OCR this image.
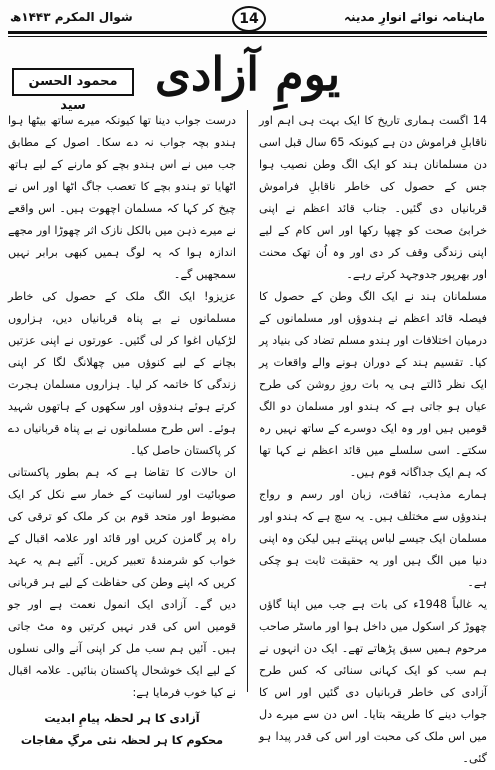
ماہنامہ نوائے انوارِ مدینہ
شوال المکرم ۱۴۴۳ھ	14
یومِ آزادی
محمود الحسن سید

14 اگست ہماری تاریخ کا ایک بہت ہی اہم اور ناقابلِ فراموش دن ہے کیونکہ 65 سال قبل اسی دن مسلمانان ہند کو ایک الگ وطن نصیب ہوا جس کے حصول کی خاطر ناقابلِ فراموش قربانیاں دی گئیں۔ جناب قائد اعظم نے اپنی خرابیٔ صحت کو چھپا رکھا اور اس کام کے لیے اپنی زندگی وقف کر دی اور وہ اُن تھک محنت اور بھرپور جدوجہد کرتے رہے۔

مسلمانان ہند نے ایک الگ وطن کے حصول کا فیصلہ قائد اعظم نے ہندوؤں اور مسلمانوں کے درمیان اختلافات اور ہندو مسلم تضاد کی بنیاد پر کیا۔ تقسیم ہند کے دوران ہونے والے واقعات پر ایک نظر ڈالتے ہی یہ بات روزِ روشن کی طرح عیاں ہو جاتی ہے کہ ہندو اور مسلمان دو الگ قومیں ہیں اور وہ ایک دوسرے کے ساتھ نہیں رہ سکتے۔ اسی سلسلے میں قائد اعظم نے کہا تھا کہ ہم ایک جداگانہ قوم ہیں۔

ہمارے مذہب، ثقافت، زبان اور رسم و رواج ہندوؤں سے مختلف ہیں۔ یہ سچ ہے کہ ہندو اور مسلمان ایک جیسے لباس پہنتے ہیں لیکن وہ اپنی دنیا میں الگ ہیں اور یہ حقیقت ثابت ہو چکی ہے۔

یہ غالباً 1948ء کی بات ہے جب میں اپنا گاؤں چھوڑ کر اسکول میں داخل ہوا اور ماسٹر صاحب مرحوم ہمیں سبق پڑھاتے تھے۔ ایک دن انہوں نے ہم سب کو ایک کہانی سنائی کہ کس طرح آزادی کی خاطر قربانیاں دی گئیں اور اس کا جواب دینے کا طریقہ بتایا۔ اس دن سے میرے دل میں اس ملک کی محبت اور اس کی قدر پیدا ہو گئی۔

درست جواب دینا تھا کیونکہ میرے ساتھ بیٹھا ہوا ہندو بچہ جواب نہ دے سکا۔ اصول کے مطابق جب میں نے اس ہندو بچے کو مارنے کے لیے ہاتھ اٹھایا تو ہندو بچے کا تعصب جاگ اٹھا اور اس نے چیخ کر کہا کہ مسلمان اچھوت ہیں۔ اس واقعے نے میرے ذہن میں بالکل نازک اثر چھوڑا اور مجھے اندازہ ہوا کہ یہ لوگ ہمیں کبھی برابر نہیں سمجھیں گے۔

عزیزو! ایک الگ ملک کے حصول کی خاطر مسلمانوں نے بے پناہ قربانیاں دیں، ہزاروں لڑکیاں اغوا کر لی گئیں۔ عورتوں نے اپنی عزتیں بچانے کے لیے کنوؤں میں چھلانگ لگا کر اپنی زندگی کا خاتمہ کر لیا۔ ہزاروں مسلمان ہجرت کرتے ہوئے ہندوؤں اور سکھوں کے ہاتھوں شہید ہوئے۔ اس طرح مسلمانوں نے بے پناہ قربانیاں دے کر پاکستان حاصل کیا۔

ان حالات کا تقاضا ہے کہ ہم بطور پاکستانی صوبائیت اور لسانیت کے خمار سے نکل کر ایک مضبوط اور متحد قوم بن کر ملک کو ترقی کی راہ پر گامزن کریں اور قائد اور علامہ اقبال کے خواب کو شرمندۂ تعبیر کریں۔ آئیے ہم یہ عہد کریں کہ اپنے وطن کی حفاظت کے لیے ہر قربانی دیں گے۔ آزادی ایک انمول نعمت ہے اور جو قومیں اس کی قدر نہیں کرتیں وہ مٹ جاتی ہیں۔ آئیں ہم سب مل کر اپنی آنے والی نسلوں کے لیے ایک خوشحال پاکستان بنائیں۔ علامہ اقبال نے کیا خوب فرمایا ہے:

آزادی کا ہر لحظہ پیامِ ابدیت
محکوم کا ہر لحظہ نئی مرگِ مفاجات
